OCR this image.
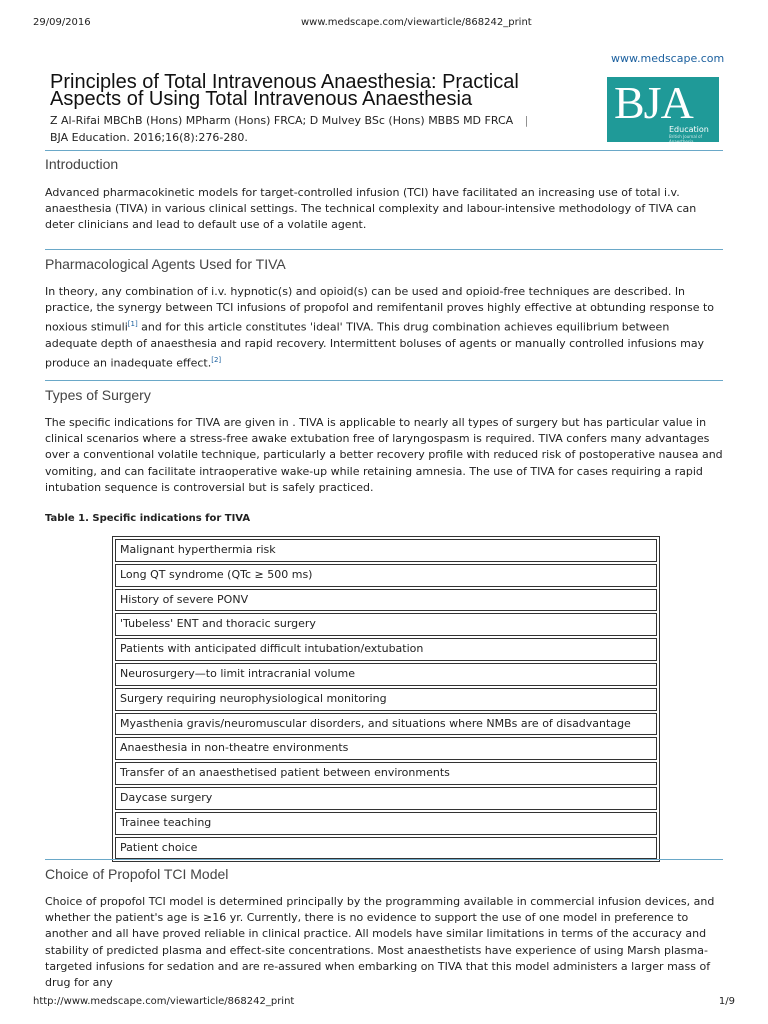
29/09/2016	www.medscape.com/viewarticle/868242_print
www.medscape.com
Principles of Total Intravenous Anaesthesia: Practical
Aspects of Using Total Intravenous Anaesthesia
Z Al-Rifai MBChB (Hons) MPharm (Hons) FRCA; D Mulvey BSc (Hons) MBBS MD FRCA |
BJA Education. 2016;16(8):276-280.
BJA
Education
British Journal of Anaesthesia
Introduction
Advanced pharmacokinetic models for target-controlled infusion (TCI) have facilitated an increasing use of total i.v. anaesthesia (TIVA) in various clinical settings. The technical complexity and labour-intensive methodology of TIVA can deter clinicians and lead to default use of a volatile agent.
Pharmacological Agents Used for TIVA
In theory, any combination of i.v. hypnotic(s) and opioid(s) can be used and opioid-free techniques are described. In practice, the synergy between TCI infusions of propofol and remifentanil proves highly effective at obtunding response to noxious stimuli[1] and for this article constitutes 'ideal' TIVA. This drug combination achieves equilibrium between adequate depth of anaesthesia and rapid recovery. Intermittent boluses of agents or manually controlled infusions may produce an inadequate effect.[2]
Types of Surgery
The specific indications for TIVA are given in . TIVA is applicable to nearly all types of surgery but has particular value in clinical scenarios where a stress-free awake extubation free of laryngospasm is required. TIVA confers many advantages over a conventional volatile technique, particularly a better recovery profile with reduced risk of postoperative nausea and vomiting, and can facilitate intraoperative wake-up while retaining amnesia. The use of TIVA for cases requiring a rapid intubation sequence is controversial but is safely practiced.
Table 1. Specific indications for TIVA
Malignant hyperthermia risk
Long QT syndrome (QTc ≥ 500 ms)
History of severe PONV
'Tubeless' ENT and thoracic surgery
Patients with anticipated difficult intubation/extubation
Neurosurgery—to limit intracranial volume
Surgery requiring neurophysiological monitoring
Myasthenia gravis/neuromuscular disorders, and situations where NMBs are of disadvantage
Anaesthesia in non-theatre environments
Transfer of an anaesthetised patient between environments
Daycase surgery
Trainee teaching
Patient choice
Choice of Propofol TCI Model
Choice of propofol TCI model is determined principally by the programming available in commercial infusion devices, and whether the patient's age is ≥16 yr. Currently, there is no evidence to support the use of one model in preference to another and all have proved reliable in clinical practice. All models have similar limitations in terms of the accuracy and stability of predicted plasma and effect-site concentrations. Most anaesthetists have experience of using Marsh plasma-targeted infusions for sedation and are re-assured when embarking on TIVA that this model administers a larger mass of drug for any
http://www.medscape.com/viewarticle/868242_print	1/9
